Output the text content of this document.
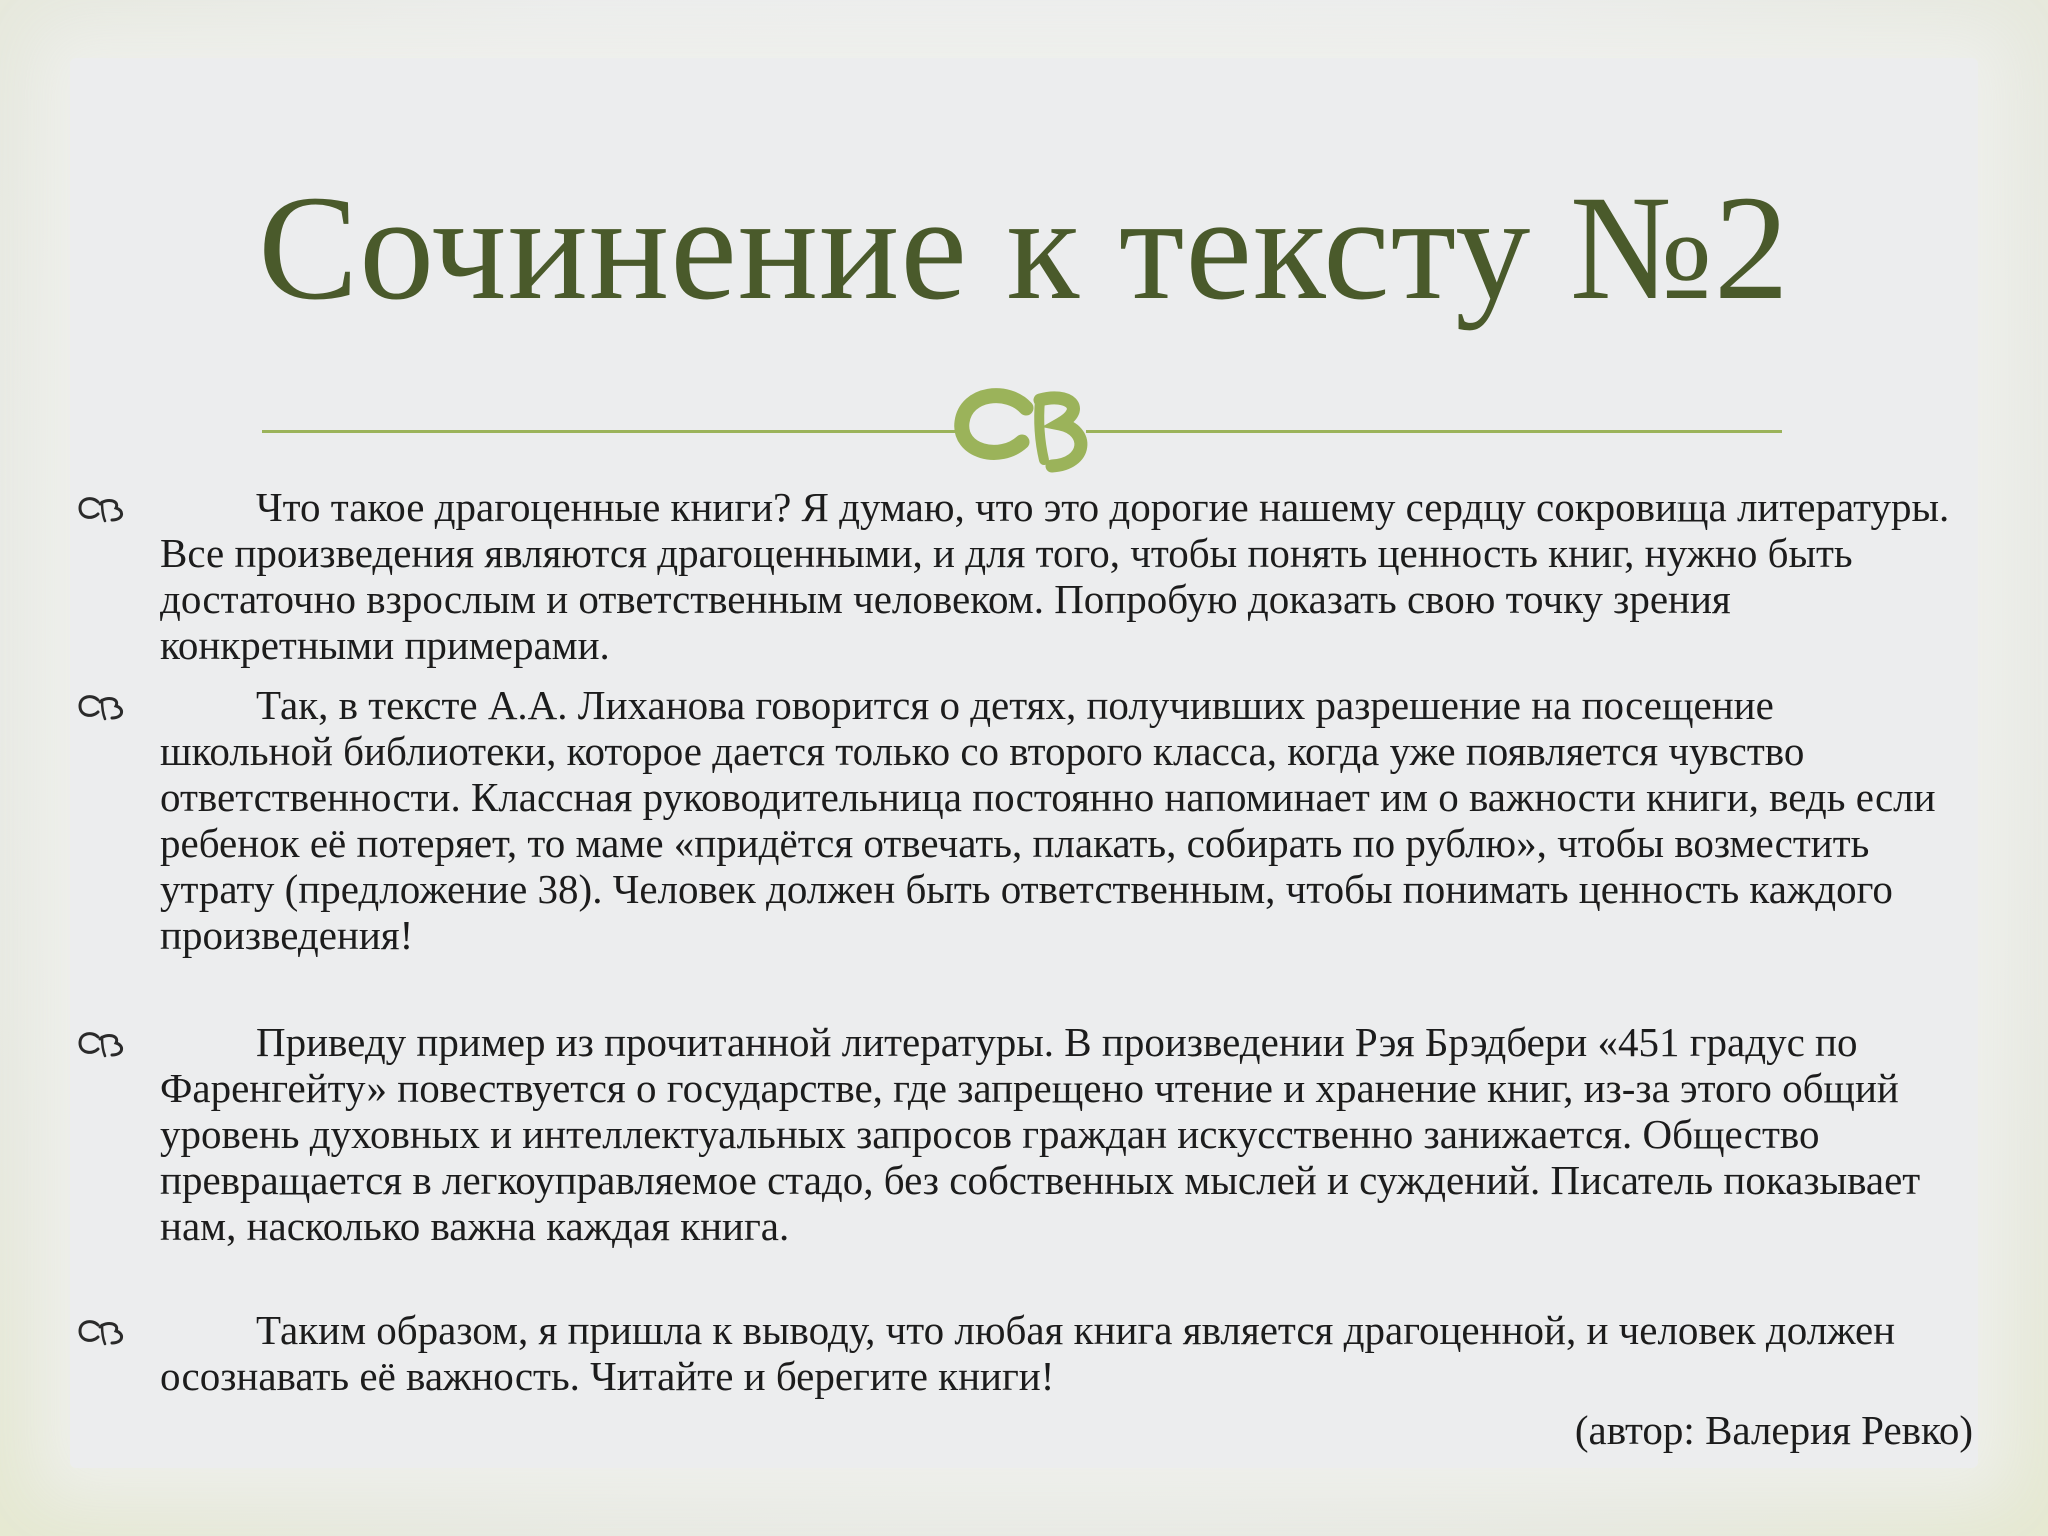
Сочинение к тексту №2
Что такое драгоценные книги? Я думаю, что это дорогие нашему сердцу сокровища литературы. Все произведения являются драгоценными, и для того, чтобы понять ценность книг, нужно быть достаточно взрослым и ответственным человеком. Попробую доказать свою точку зрения конкретными примерами.
Так, в тексте А.А. Лиханова говорится о детях, получивших разрешение на посещение школьной библиотеки, которое дается только со второго класса, когда уже появляется чувство ответственности. Классная руководительница постоянно напоминает им о важности книги, ведь если ребенок её потеряет, то маме «придётся отвечать, плакать, собирать по рублю», чтобы возместить утрату (предложение 38). Человек должен быть ответственным, чтобы понимать ценность каждого произведения!
Приведу пример из прочитанной литературы. В произведении Рэя Брэдбери «451 градус по Фаренгейту» повествуется о государстве, где запрещено чтение и хранение книг, из-за этого общий уровень духовных и интеллектуальных запросов граждан искусственно занижается. Общество превращается в легкоуправляемое стадо, без собственных мыслей и суждений. Писатель показывает нам, насколько важна каждая книга.
Таким образом, я пришла к выводу, что любая книга является драгоценной, и человек должен осознавать её важность. Читайте и берегите книги!
(автор: Валерия Ревко)
